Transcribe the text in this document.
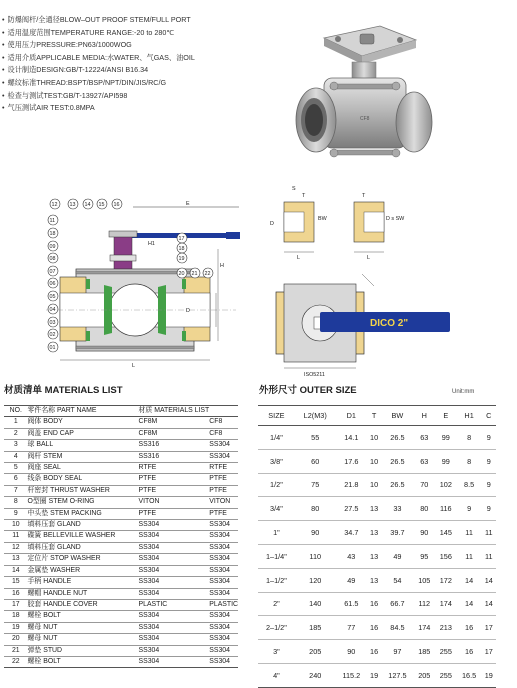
• 防爆阀杆/全通径BLOW–OUT PROOF STEM/FULL PORT
• 适用温度范围TEMPERATURE RANGE:-20 to 280℃
• 使用压力PRESSURE:PN63/1000WOG
• 适用介质APPLICABLE MEDIA:水WATER、气GAS、油OIL
• 设计制造DESIGN:GB/T-12224/ANSI B16.34
• 螺纹标准THREAD:BSPT/BSP/NPT/DIN/JIS/RC/G
• 检查与测试TEST:GB/T-13927/API598
• 气压测试AIR TEST:0.8MPA
CF8
E
H1
H
D
L
12 13 14 15 16
11
18
09
08
07
06
05
04
03
02
01
17
18
19
20 21 22
L
D
S
T
BW
L
D s SW
T
DICO 2"
ISO5211
材质清单 MATERIALS LIST	外形尺寸 OUTER SIZE	Unit:mm
NO.	零件名称 PART NAME	材质 MATERIALS LIST	
1	阀体 BODY	CF8M	CF8
2	阀盖 END CAP	CF8M	CF8
3	球 BALL	SS316	SS304
4	阀杆 STEM	SS316	SS304
5	阀座 SEAL	RTFE	RTFE
6	线条 BODY SEAL	PTFE	PTFE
7	杆密封 THRUST WASHER	PTFE	PTFE
8	O型圈 STEM O-RING	VITON	VITON
9	中头垫 STEM PACKING	PTFE	PTFE
10	填料压套 GLAND	SS304	SS304
11	碟簧 BELLEVILLE WASHER	SS304	SS304
12	填料压套 GLAND	SS304	SS304
13	定位片 STOP WASHER	SS304	SS304
14	金属垫 WASHER	SS304	SS304
15	手柄 HANDLE	SS304	SS304
16	螺帽 HANDLE NUT	SS304	SS304
17	胶套 HANDLE COVER	PLASTIC	PLASTIC
18	螺栓 BOLT	SS304	SS304
19	螺母 NUT	SS304	SS304
20	螺母 NUT	SS304	SS304
21	弹垫 STUD	SS304	SS304
22	螺栓 BOLT	SS304	SS304
SIZE	L2(M3)	D1	T	BW	H	E	H1	C
1/4"	55	14.1	10	26.5	63	99	8	9
3/8"	60	17.6	10	26.5	63	99	8	9
1/2"	75	21.8	10	26.5	70	102	8.5	9
3/4"	80	27.5	13	33	80	116	9	9
1"	90	34.7	13	39.7	90	145	11	11
1–1/4"	110	43	13	49	95	156	11	11
1–1/2"	120	49	13	54	105	172	14	14
2"	140	61.5	16	66.7	112	174	14	14
2–1/2"	185	77	16	84.5	174	213	16	17
3"	205	90	16	97	185	255	16	17
4"	240	115.2	19	127.5	205	255	16.5	19
